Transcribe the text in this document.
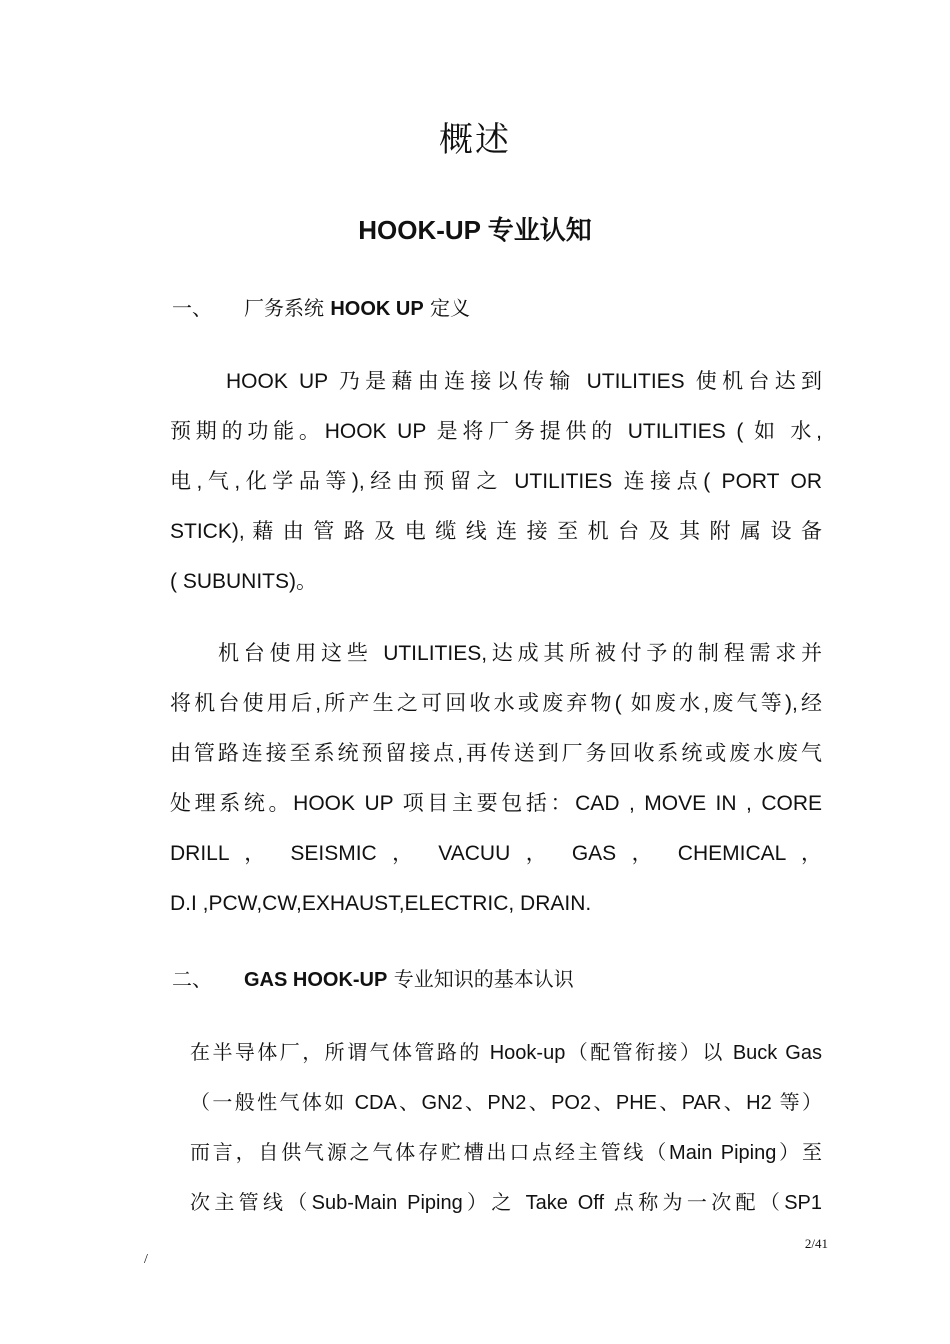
概述
HOOK-UP 专业认知
一、 厂务系统 HOOK UP 定义
HOOK UP 乃是藉由连接以传输 UTILITIES 使机台达到
预期的功能。HOOK UP 是将厂务提供的 UTILITIES ( 如 水,
电,气,化学品等),经由预留之 UTILITIES 连接点( PORT OR
STICK), 藉 由 管 路 及 电 缆 线 连 接 至 机 台 及 其 附 属 设 备
( SUBUNITS)。
机台使用这些 UTILITIES,达成其所被付予的制程需求并
将机台使用后,所产生之可回收水或废弃物( 如废水,废气等),经
由管路连接至系统预留接点,再传送到厂务回收系统或废水废气
处理系统。HOOK UP 项目主要包括：CAD , MOVE IN , CORE
DRILL ， SEISMIC ， VACUU ， GAS ， CHEMICAL ，
D.I ,PCW,CW,EXHAUST,ELECTRIC, DRAIN.
二、 GAS HOOK-UP 专业知识的基本认识
在半导体厂，所谓气体管路的 Hook-up（配管衔接）以 Buck Gas
（一般性气体如 CDA、GN2、PN2、PO2、PHE、PAR、H2 等）
而言，自供气源之气体存贮槽出口点经主管线（Main Piping）至
次主管线（Sub-Main Piping）之 Take Off 点称为一次配（SP1
2/41
/
